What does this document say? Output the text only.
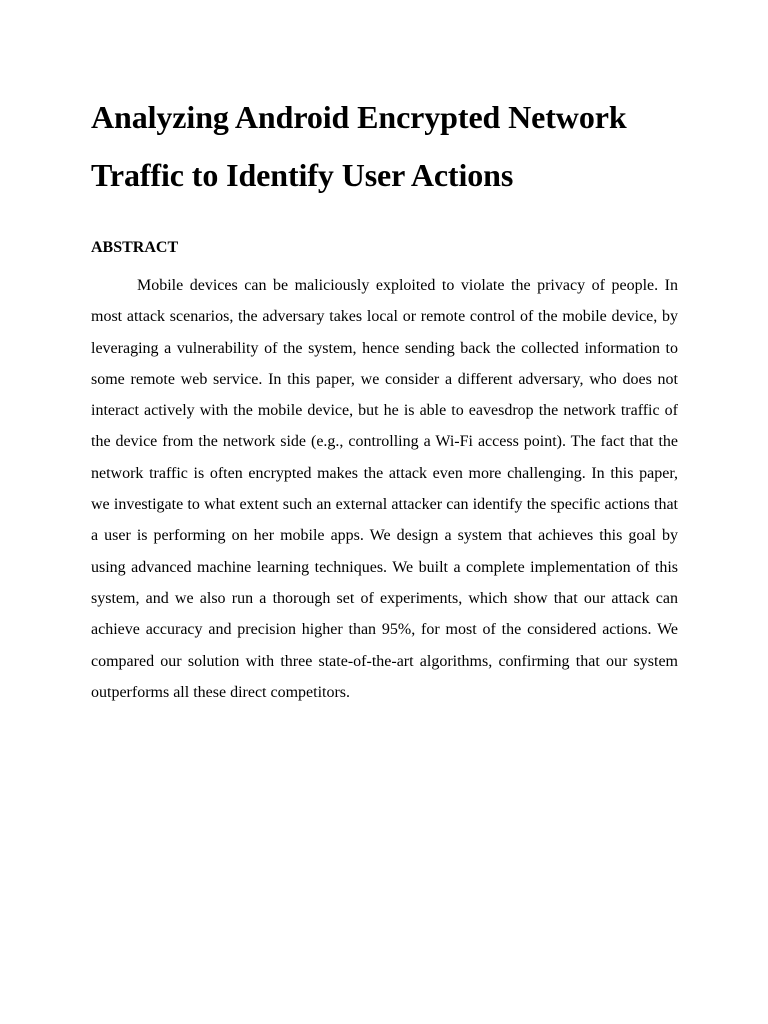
Analyzing Android Encrypted Network
Traffic to Identify User Actions
ABSTRACT

Mobile devices can be maliciously exploited to violate the privacy of people. In most attack scenarios, the adversary takes local or remote control of the mobile device, by leveraging a vulnerability of the system, hence sending back the collected information to some remote web service. In this paper, we consider a different adversary, who does not interact actively with the mobile device, but he is able to eavesdrop the network traffic of the device from the network side (e.g., controlling a Wi-Fi access point). The fact that the network traffic is often encrypted makes the attack even more challenging. In this paper, we investigate to what extent such an external attacker can identify the specific actions that a user is performing on her mobile apps. We design a system that achieves this goal by using advanced machine learning techniques. We built a complete implementation of this system, and we also run a thorough set of experiments, which show that our attack can achieve accuracy and precision higher than 95%, for most of the considered actions. We compared our solution with three state-of-the-art algorithms, confirming that our system outperforms all these direct competitors.
